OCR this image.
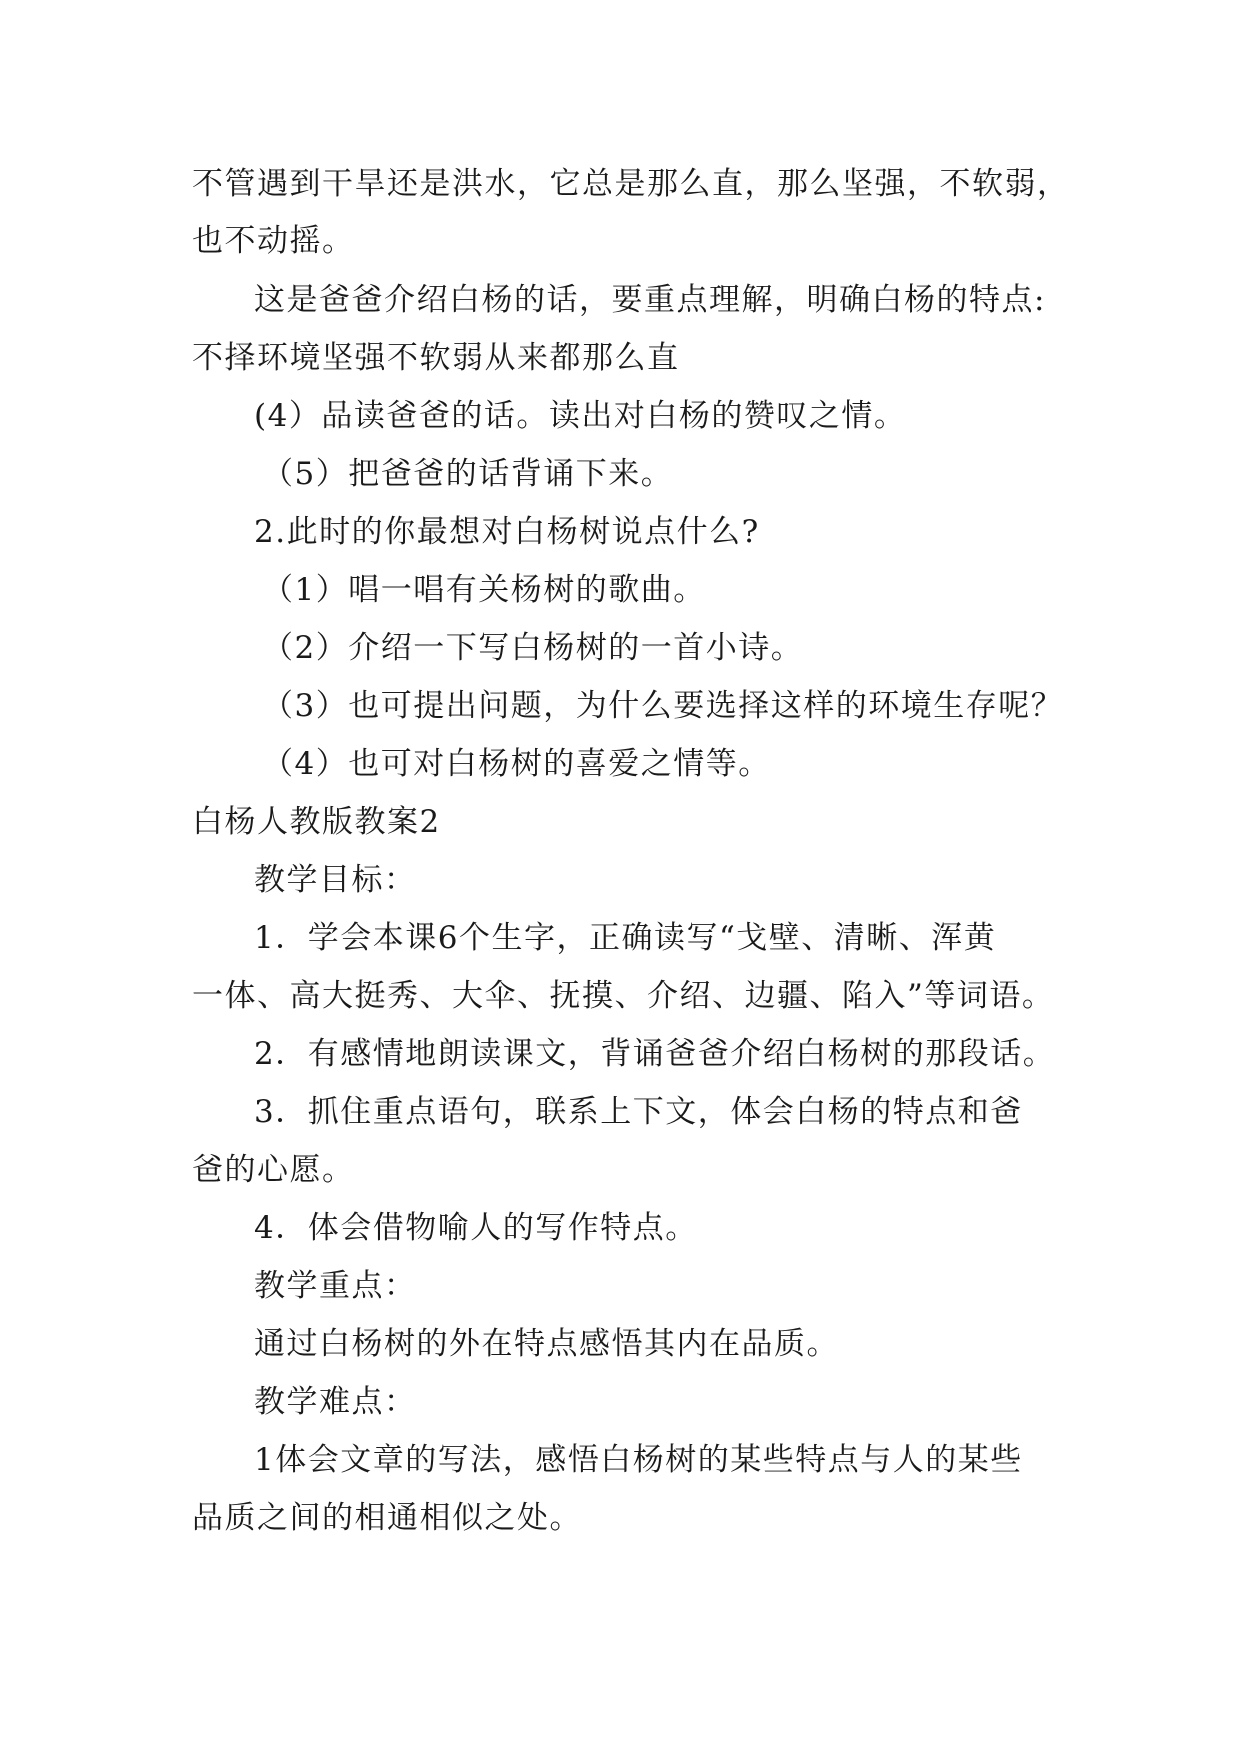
不管遇到干旱还是洪水，它总是那么直，那么坚强，不软弱，
也不动摇。
这是爸爸介绍白杨的话，要重点理解，明确白杨的特点:
不择环境坚强不软弱从来都那么直
(4）品读爸爸的话。读出对白杨的赞叹之情。
（5）把爸爸的话背诵下来。
2.此时的你最想对白杨树说点什么?
（1）唱一唱有关杨树的歌曲。
（2）介绍一下写白杨树的一首小诗。
（3）也可提出问题，为什么要选择这样的环境生存呢？
（4）也可对白杨树的喜爱之情等。
白杨人教版教案2
教学目标：
1．学会本课6个生字，正确读写“戈壁、清晰、浑黄
一体、高大挺秀、大伞、抚摸、介绍、边疆、陷入”等词语。
2．有感情地朗读课文，背诵爸爸介绍白杨树的那段话。
3．抓住重点语句，联系上下文，体会白杨的特点和爸
爸的心愿。
4．体会借物喻人的写作特点。
教学重点：
通过白杨树的外在特点感悟其内在品质。
教学难点：
1体会文章的写法，感悟白杨树的某些特点与人的某些
品质之间的相通相似之处。
